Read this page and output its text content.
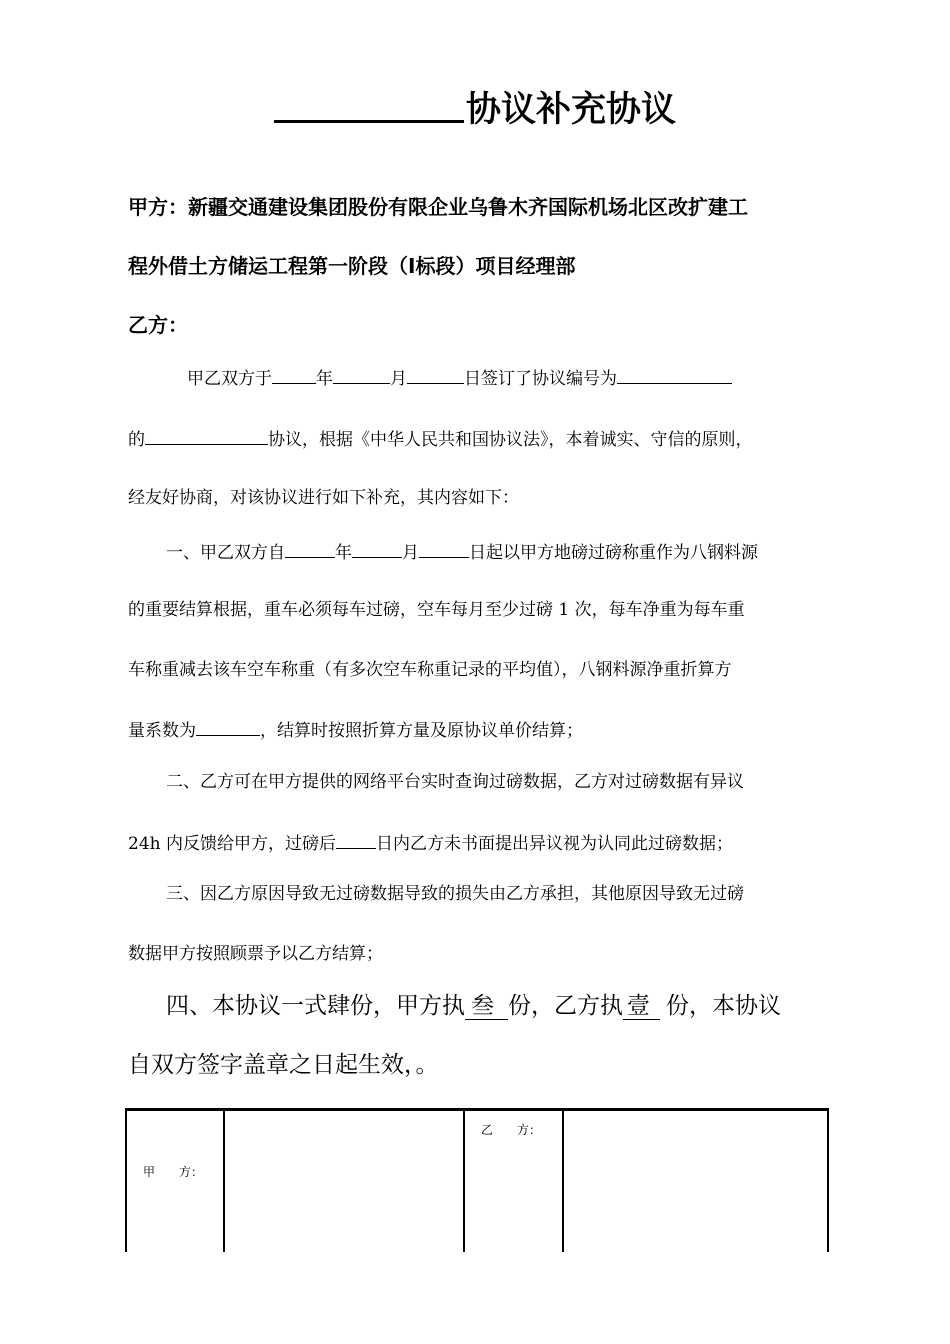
协议补充协议
甲方：新疆交通建设集团股份有限企业乌鲁木齐国际机场北区改扩建工
程外借土方储运工程第一阶段（Ⅰ标段）项目经理部
乙方：
甲乙双方于	年	月	日签订了协议编号为
的	协议，根据《中华人民共和国协议法》，本着诚实、守信的原则，
经友好协商，对该协议进行如下补充，其内容如下：
一、甲乙双方自	年	月	日起以甲方地磅过磅称重作为八钢料源
的重要结算根据，重车必须每车过磅，空车每月至少过磅 1 次，每车净重为每车重
车称重减去该车空车称重（有多次空车称重记录的平均值），八钢料源净重折算方
量系数为	，结算时按照折算方量及原协议单价结算；
二、乙方可在甲方提供的网络平台实时查询过磅数据，乙方对过磅数据有异议
24h 内反馈给甲方，过磅后 日内乙方未书面提出异议视为认同此过磅数据；
三、因乙方原因导致无过磅数据导致的损失由乙方承担，其他原因导致无过磅
数据甲方按照顾票予以乙方结算；
四、本协议一式肆份，甲方执 叁 份，乙方执 壹 份，本协议
自双方签字盖章之日起生效，。
甲　　方：

乙　　方：
